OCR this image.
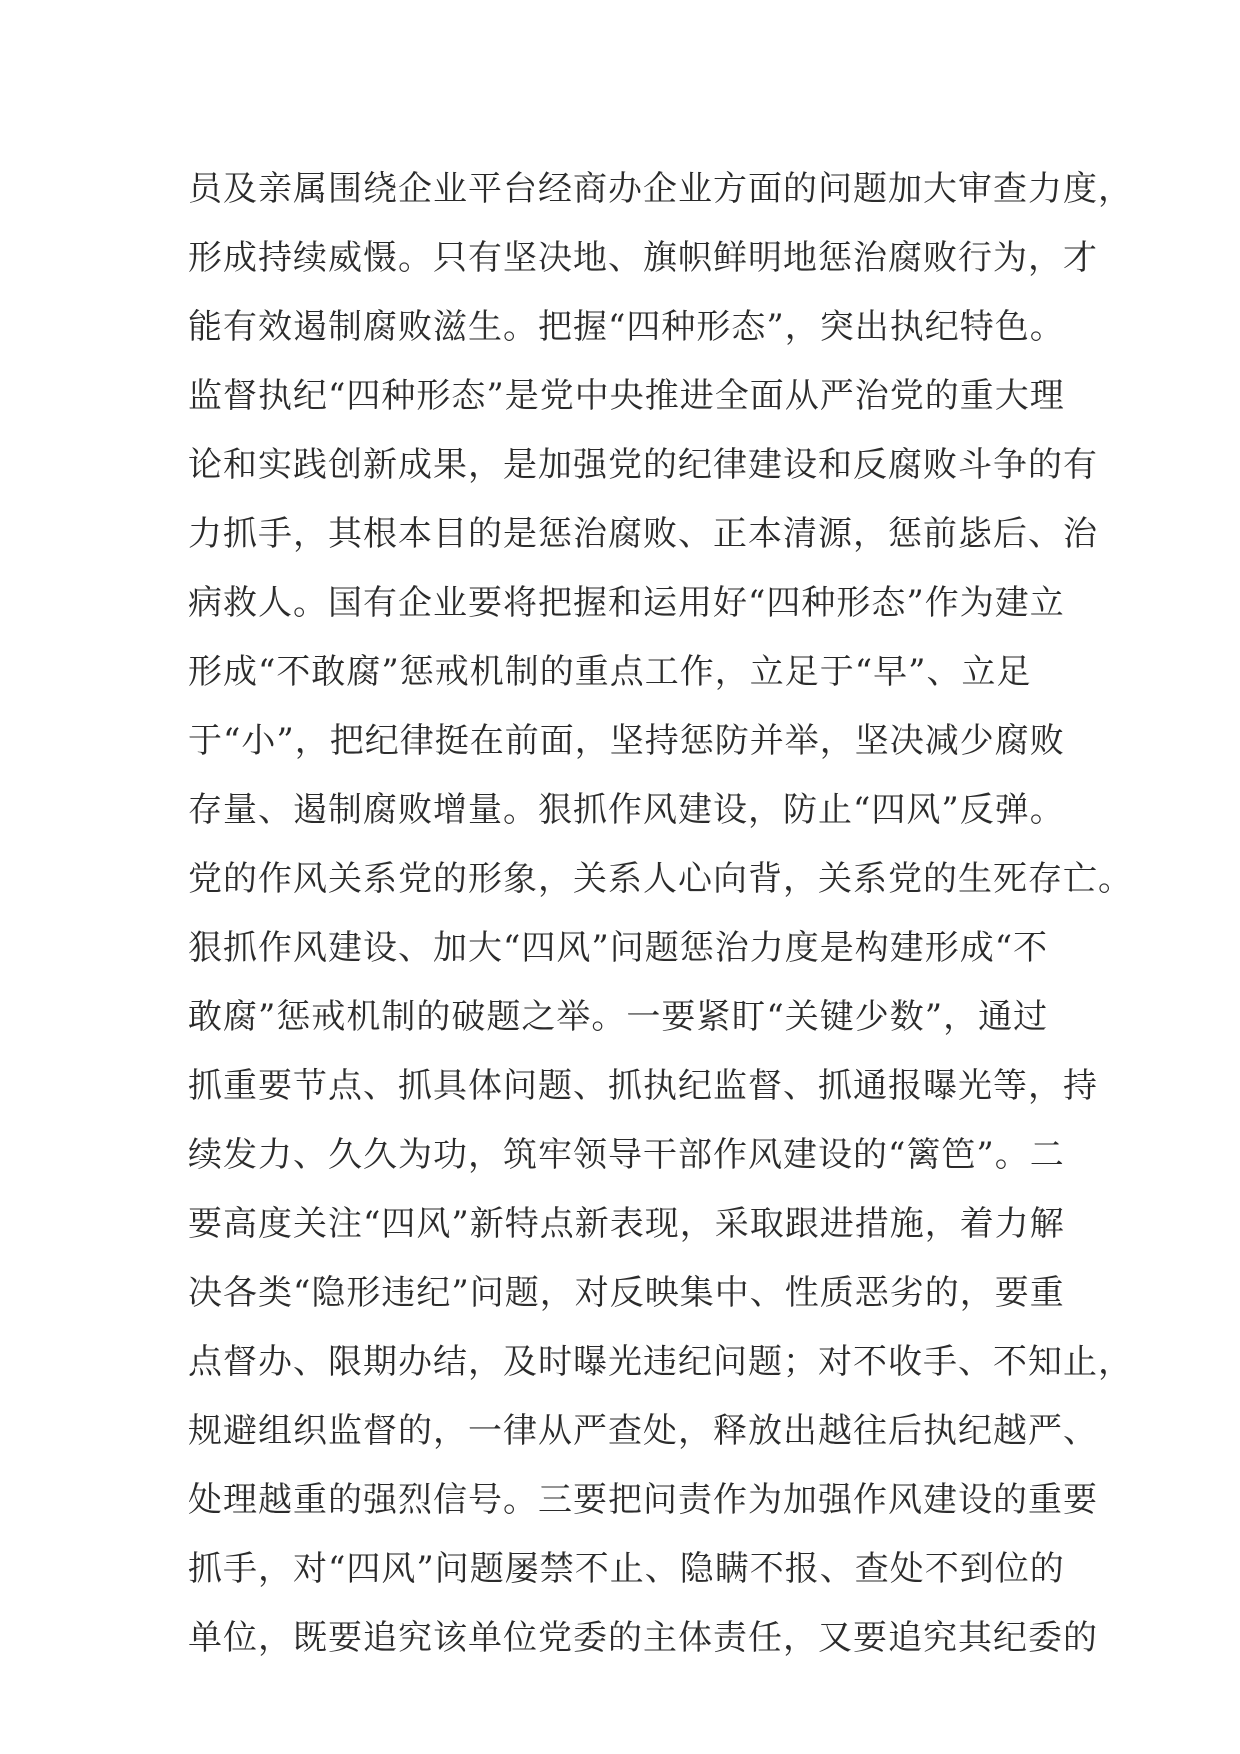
员及亲属围绕企业平台经商办企业方面的问题加大审查力度，
形成持续威慑。只有坚决地、旗帜鲜明地惩治腐败行为，才
能有效遏制腐败滋生。把握“四种形态”，突出执纪特色。
监督执纪“四种形态”是党中央推进全面从严治党的重大理
论和实践创新成果，是加强党的纪律建设和反腐败斗争的有
力抓手，其根本目的是惩治腐败、正本清源，惩前毖后、治
病救人。国有企业要将把握和运用好“四种形态”作为建立
形成“不敢腐”惩戒机制的重点工作，立足于“早”、立足
于“小”，把纪律挺在前面，坚持惩防并举，坚决减少腐败
存量、遏制腐败增量。狠抓作风建设，防止“四风”反弹。
党的作风关系党的形象，关系人心向背，关系党的生死存亡。
狠抓作风建设、加大“四风”问题惩治力度是构建形成“不
敢腐”惩戒机制的破题之举。一要紧盯“关键少数”，通过
抓重要节点、抓具体问题、抓执纪监督、抓通报曝光等，持
续发力、久久为功，筑牢领导干部作风建设的“篱笆”。二
要高度关注“四风”新特点新表现，采取跟进措施，着力解
决各类“隐形违纪”问题，对反映集中、性质恶劣的，要重
点督办、限期办结，及时曝光违纪问题；对不收手、不知止，
规避组织监督的，一律从严查处，释放出越往后执纪越严、
处理越重的强烈信号。三要把问责作为加强作风建设的重要
抓手，对“四风”问题屡禁不止、隐瞒不报、查处不到位的
单位，既要追究该单位党委的主体责任，又要追究其纪委的
